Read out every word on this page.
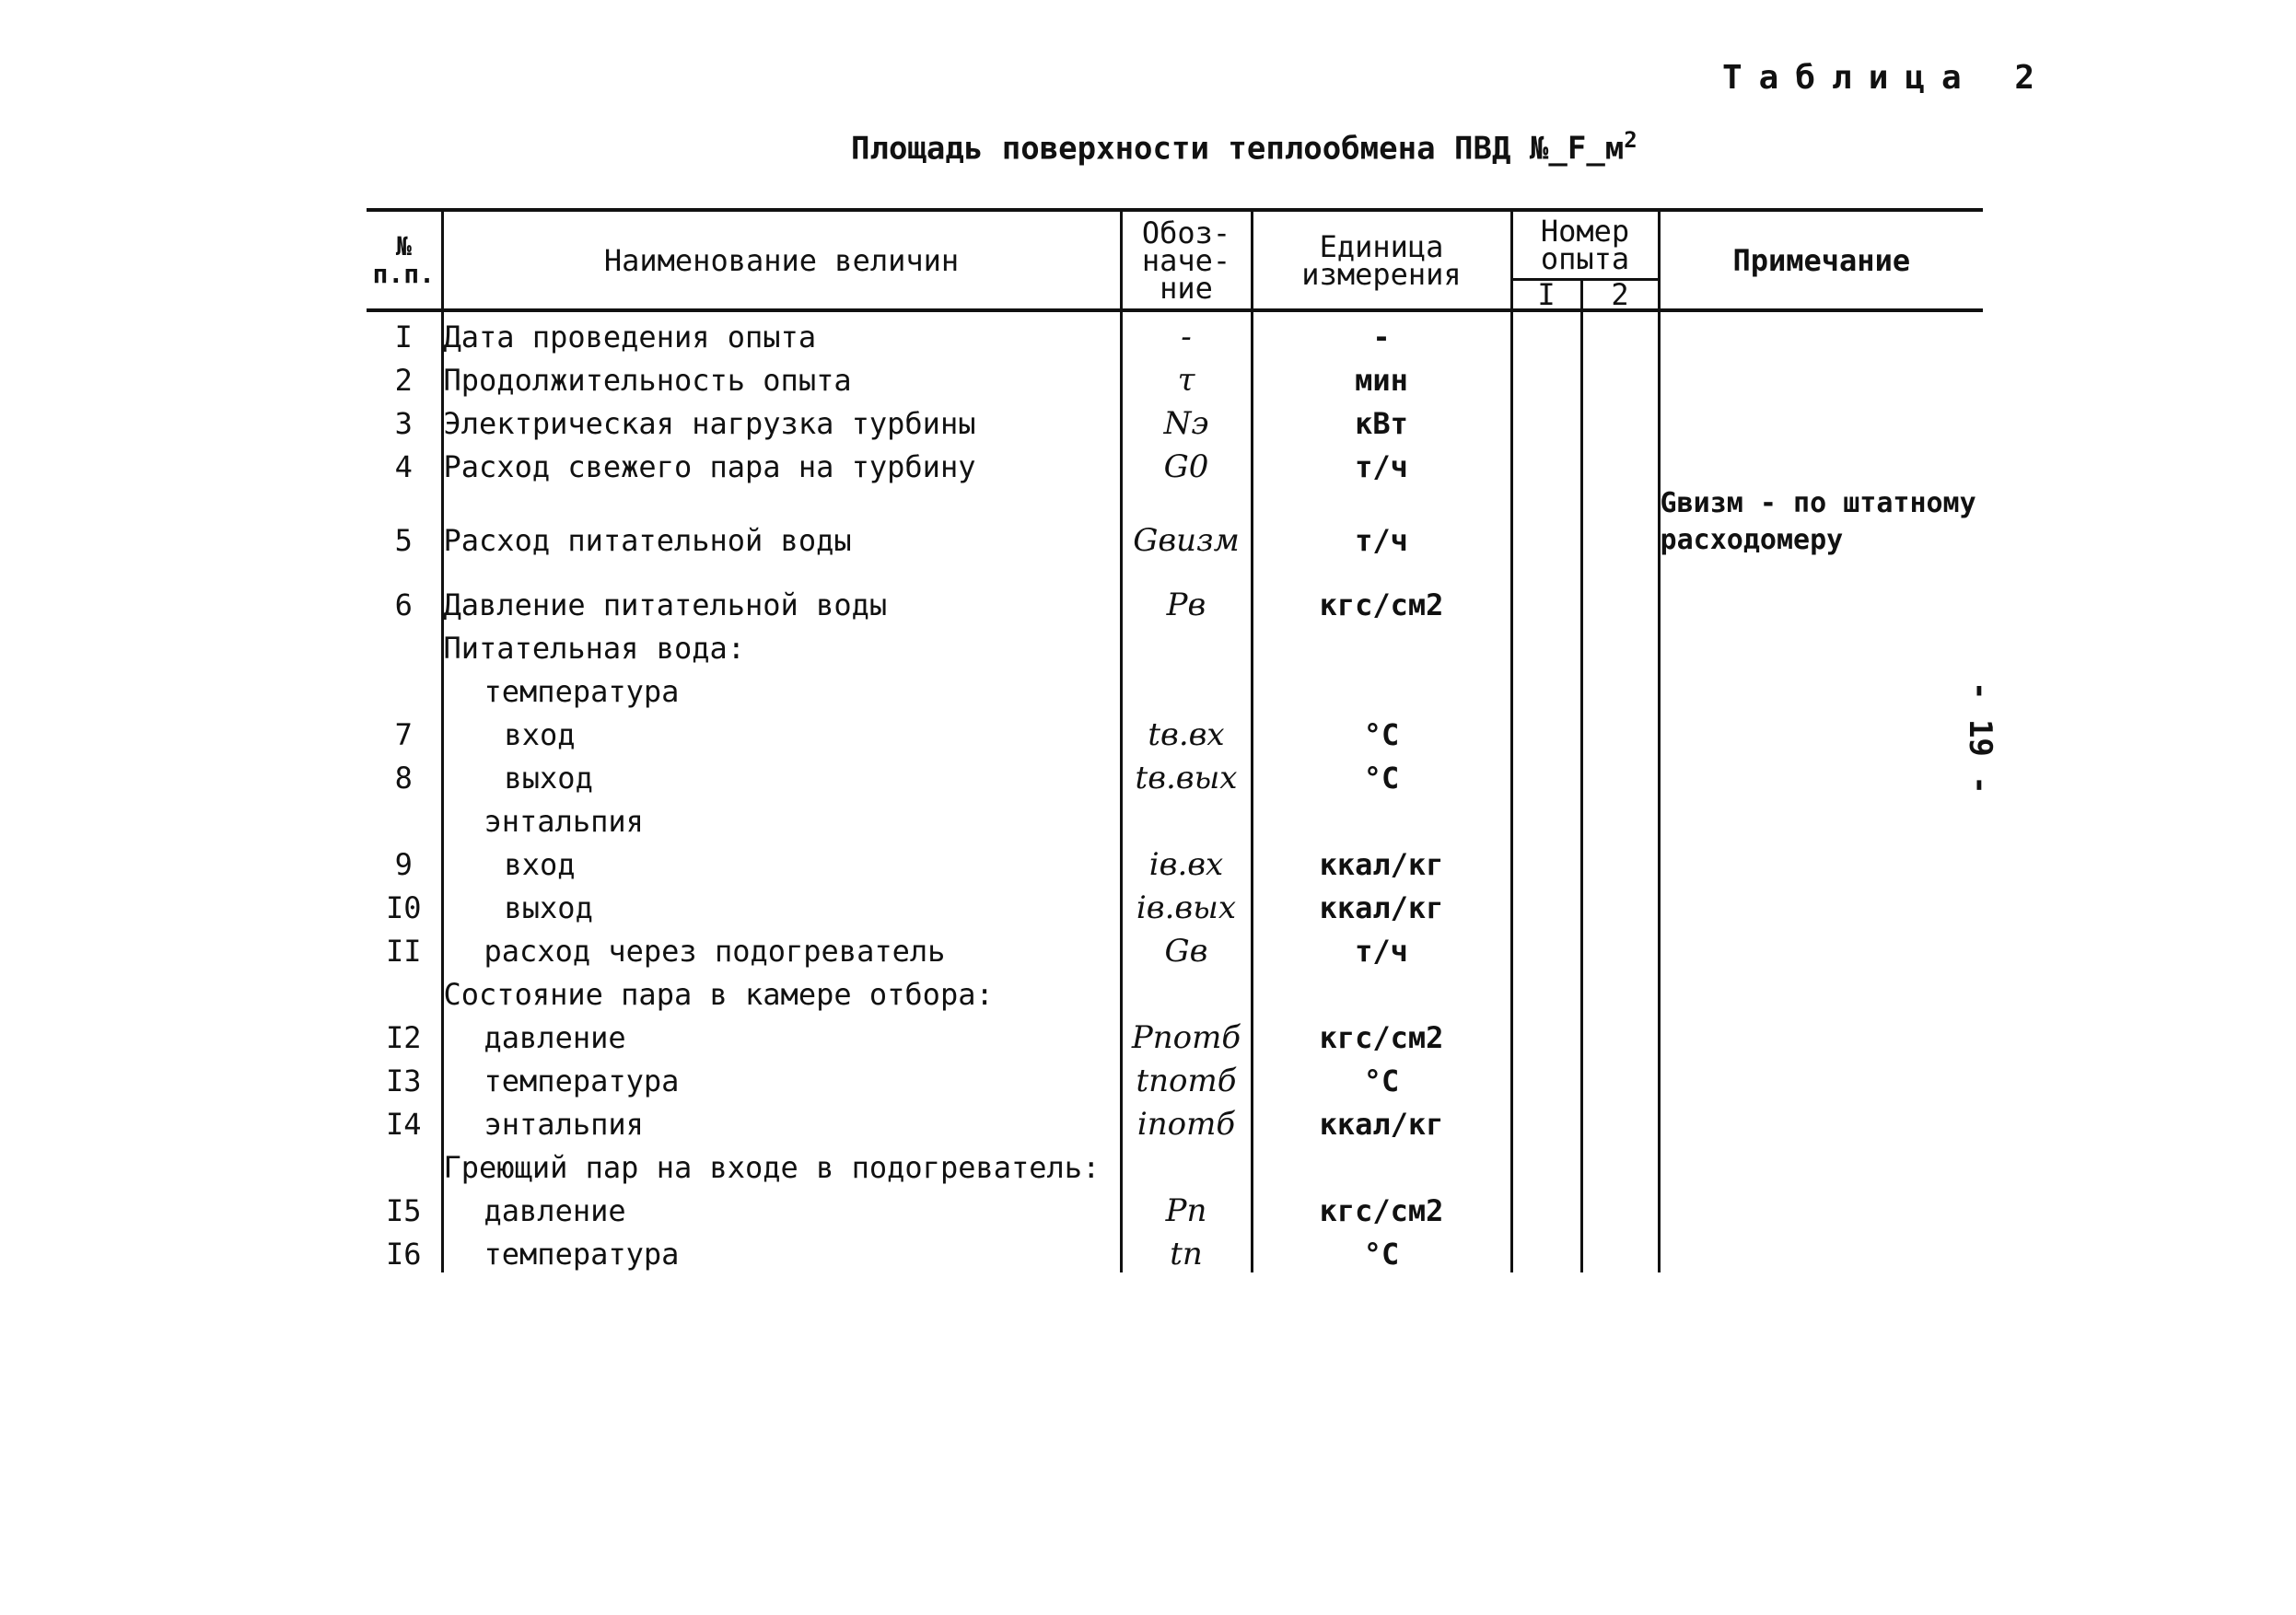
Таблица 2
Площадь поверхности теплообмена ПВД $№\_F\_м^2$
- 19 -
№ п.п.	Наименование величин	Обоз-наче-ние	Единица измерения	Номер опыта		Примечание
				I	2	
I	Дата проведения опыта	-	-			
2	Продолжительность опыта	τ	мин			
3	Электрическая нагрузка турбины	Nэ	кВт			
4	Расход свежего пара на турбину	G0	т/ч			
5	Расход питательной воды	Gвизм	т/ч			Gвизм - по штатному расходомеру
6	Давление питательной воды	Pв	кгс/см2			
	Питательная вода:					
	температура					
7	вход	tв.вх	°C			
8	выход	tв.вых	°C			
	энтальпия					
9	вход	iв.вх	ккал/кг			
I0	выход	iв.вых	ккал/кг			
II	расход через подогреватель	Gв	т/ч			
	Состояние пара в камере отбора:					
I2	давление	Pпотб	кгс/см2			
I3	температура	tпотб	°C			
I4	энтальпия	iпотб	ккал/кг			
	Греющий пар на входе в подогреватель:					
I5	давление	Pп	кгс/см2			
I6	температура	tп	°C			
